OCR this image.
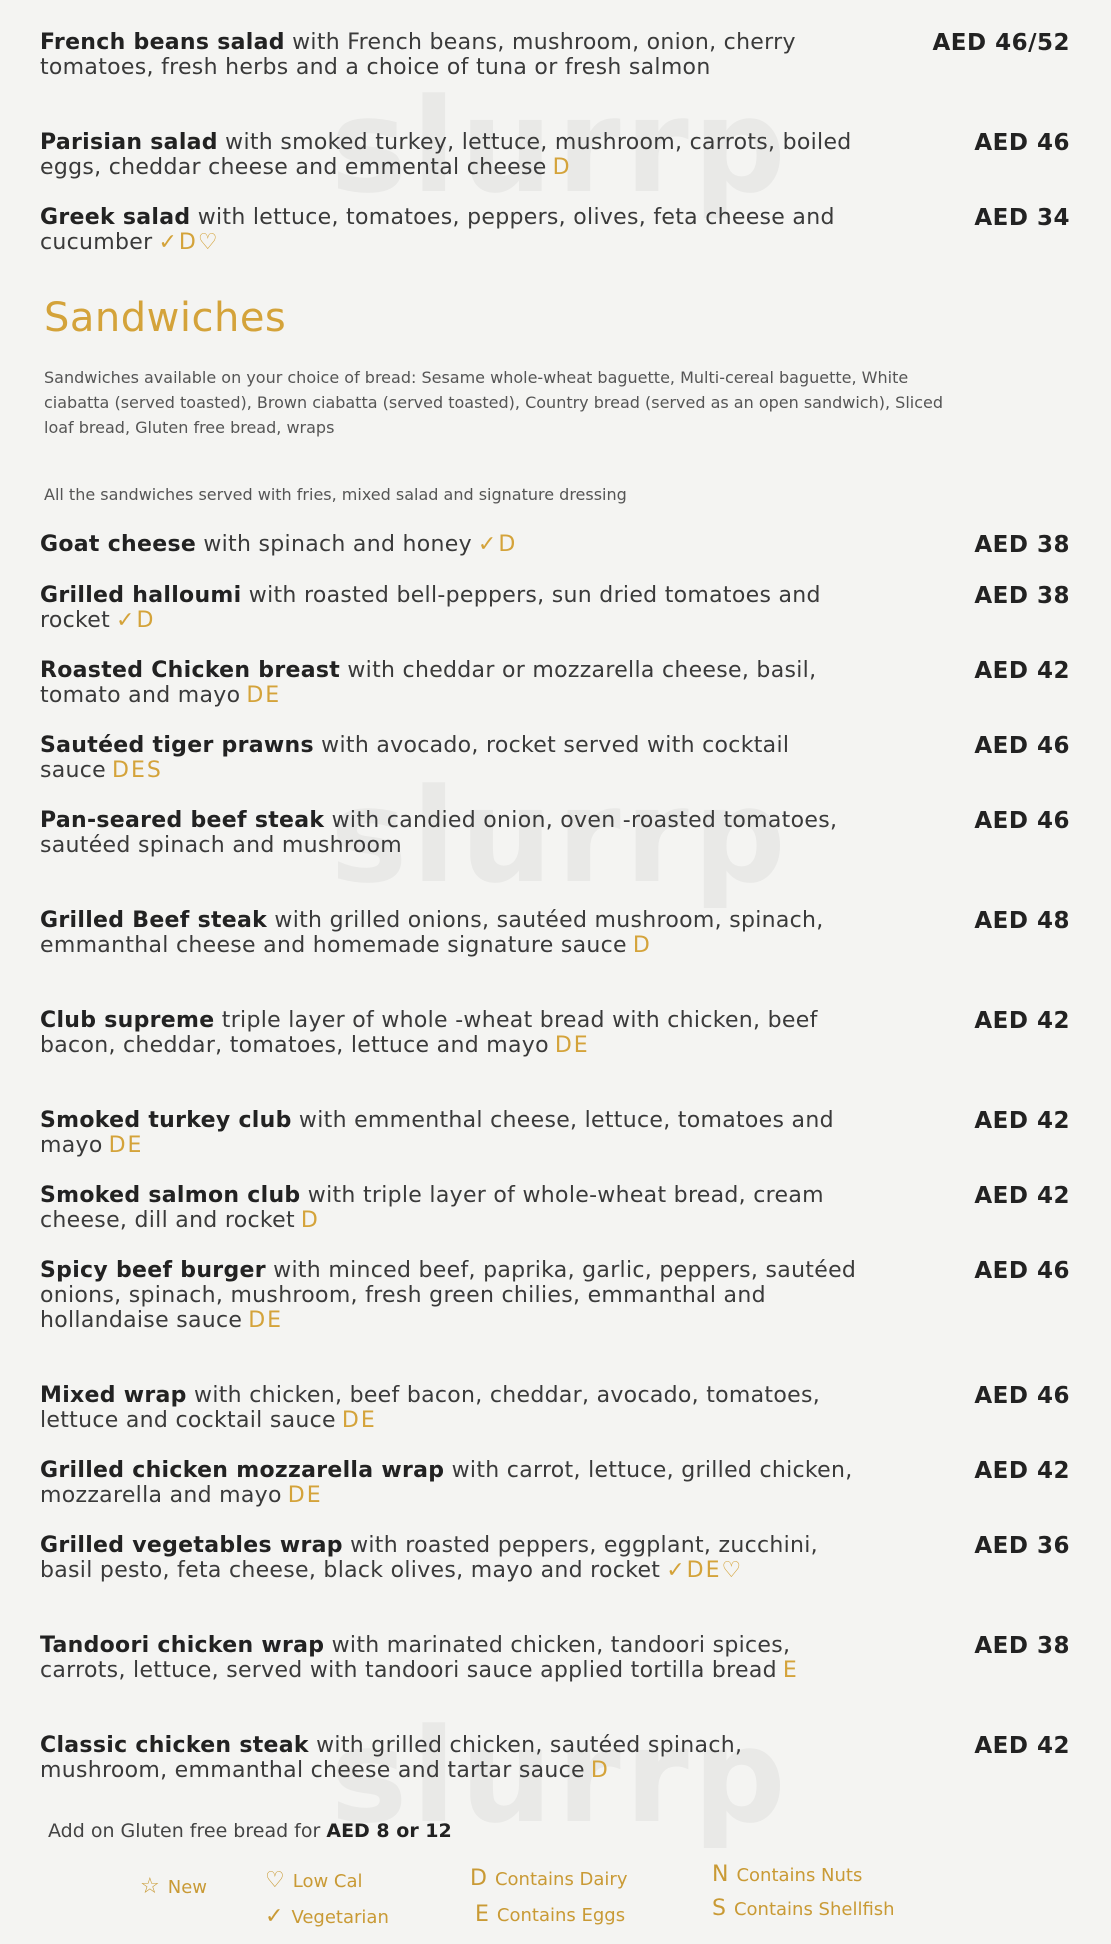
French beans salad with French beans, mushroom, onion, cherry tomatoes, fresh herbs and a choice of tuna or fresh salmon
AED 46/52
Parisian salad with smoked turkey, lettuce, mushroom, carrots, boiled eggs, cheddar cheese and emmental cheese D
AED 46
Greek salad with lettuce, tomatoes, peppers, olives, feta cheese and cucumber ✓D♡
AED 34
Sandwiches
Sandwiches available on your choice of bread: Sesame whole-wheat baguette, Multi-cereal baguette, White ciabatta (served toasted), Brown ciabatta (served toasted), Country bread (served as an open sandwich), Sliced loaf bread, Gluten free bread, wraps
All the sandwiches served with fries, mixed salad and signature dressing
Goat cheese with spinach and honey ✓D	AED 38
Grilled halloumi with roasted bell-peppers, sun dried tomatoes and rocket ✓D
AED 38
Roasted Chicken breast with cheddar or mozzarella cheese, basil, tomato and mayo DE
AED 42
Sautéed tiger prawns with avocado, rocket served with cocktail sauce DES
AED 46
Pan-seared beef steak with candied onion, oven -roasted tomatoes, sautéed spinach and mushroom
AED 46
Grilled Beef steak with grilled onions, sautéed mushroom, spinach, emmanthal cheese and homemade signature sauce D
AED 48
Club supreme triple layer of whole -wheat bread with chicken, beef bacon, cheddar, tomatoes, lettuce and mayo DE
AED 42
Smoked turkey club with emmenthal cheese, lettuce, tomatoes and mayo DE
AED 42
Smoked salmon club with triple layer of whole-wheat bread, cream cheese, dill and rocket D
AED 42
Spicy beef burger with minced beef, paprika, garlic, peppers, sautéed onions, spinach, mushroom, fresh green chilies, emmanthal and hollandaise sauce DE
AED 46
Mixed wrap with chicken, beef bacon, cheddar, avocado, tomatoes, lettuce and cocktail sauce DE
AED 46
Grilled chicken mozzarella wrap with carrot, lettuce, grilled chicken, mozzarella and mayo DE
AED 42
Grilled vegetables wrap with roasted peppers, eggplant, zucchini, basil pesto, feta cheese, black olives, mayo and rocket ✓DE♡
AED 36
Tandoori chicken wrap with marinated chicken, tandoori spices, carrots, lettuce, served with tandoori sauce applied tortilla bread E
AED 38
Classic chicken steak with grilled chicken, sautéed spinach, mushroom, emmanthal cheese and tartar sauce D
AED 42
Add on Gluten free bread for AED 8 or 12
☆ New	♡ Low Cal
✓ Vegetarian
D Contains Dairy
E Contains Eggs
N Contains Nuts
S Contains Shellfish
